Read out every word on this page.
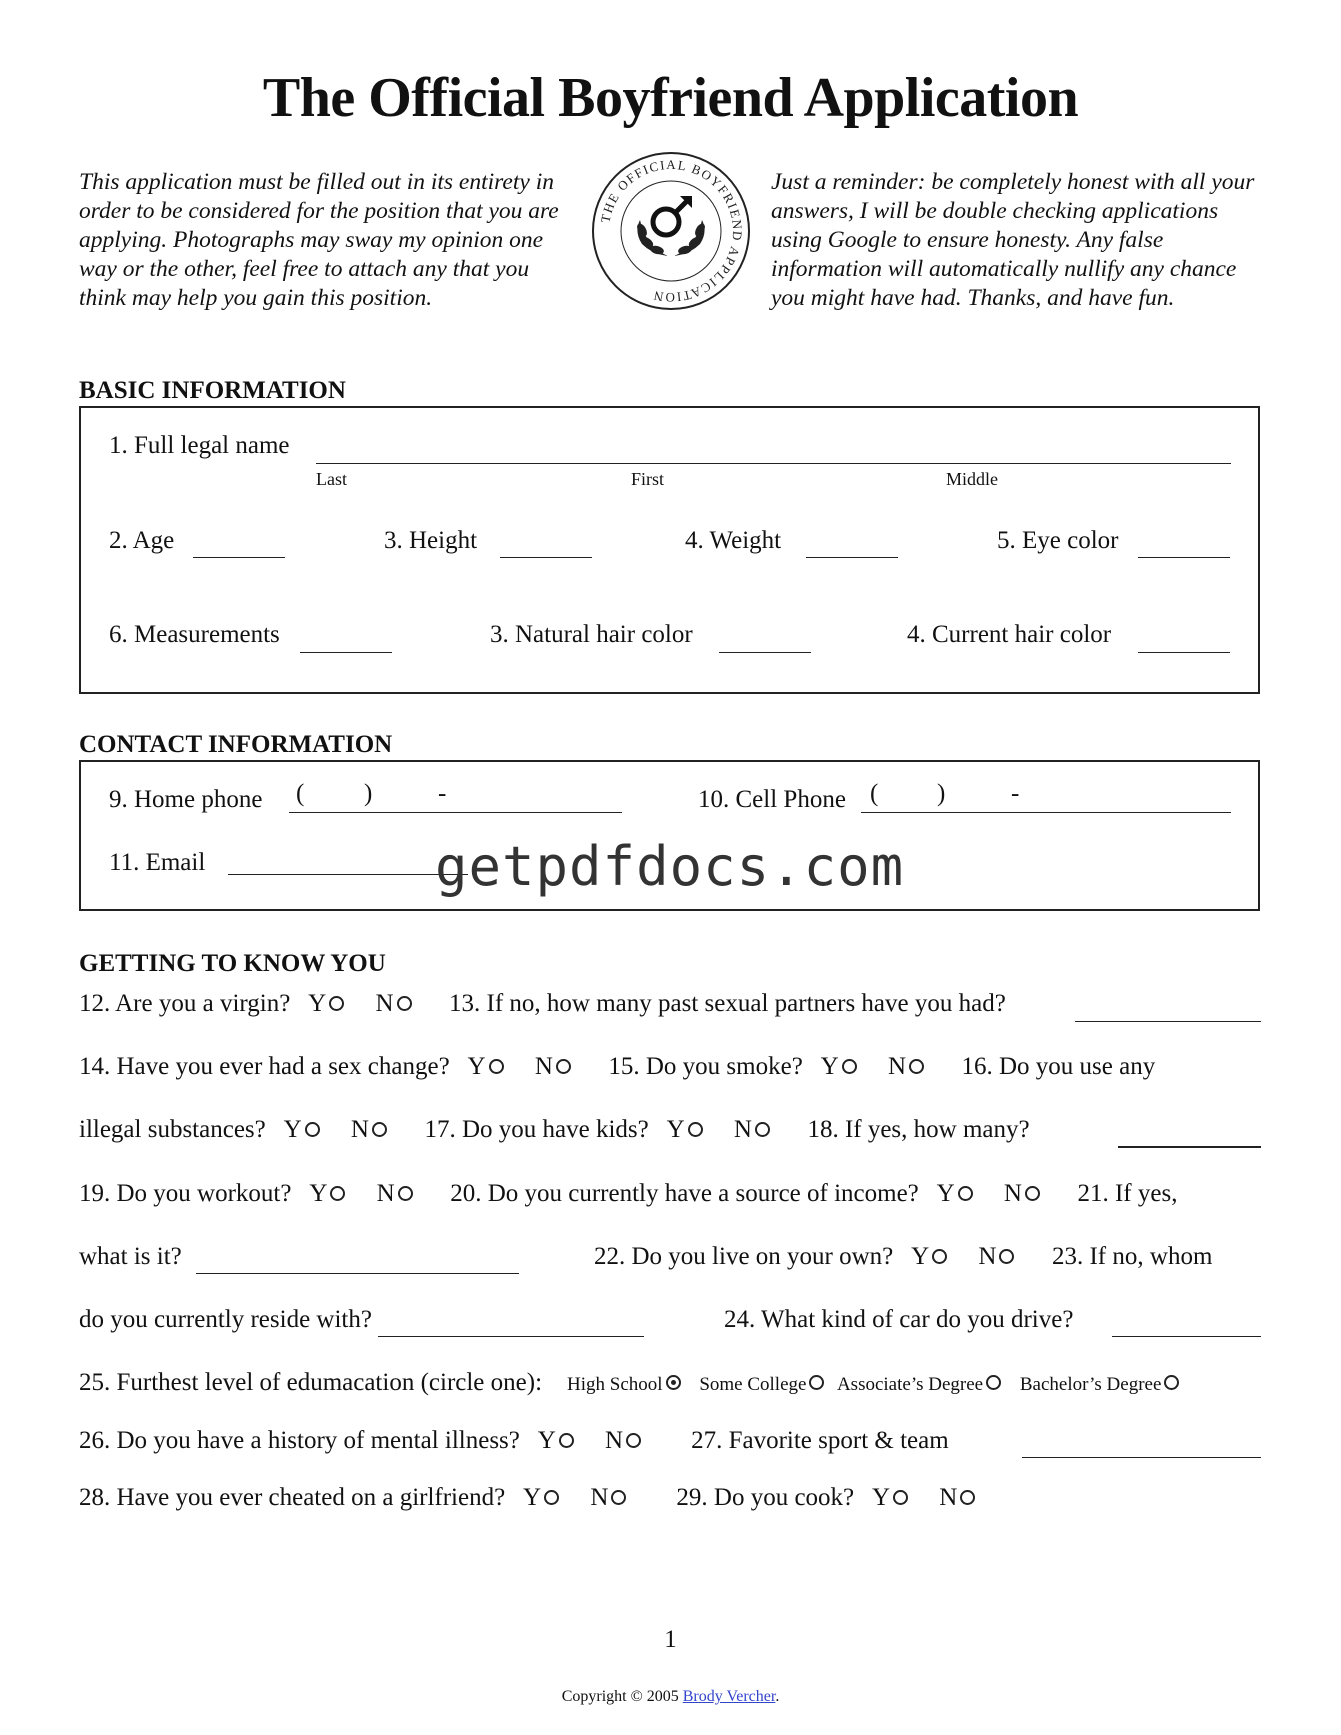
The Official Boyfriend Application
This application must be filled out in its entirety in order to be considered for the position that you are applying. Photographs may sway my opinion one way or the other, feel free to attach any that you think may help you gain this position.
Just a reminder: be completely honest with all your answers, I will be double checking applications using Google to ensure honesty. Any false information will automatically nullify any chance you might have had. Thanks, and have fun.
THE OFFICIAL BOYFRIEND APPLICATION
BASIC INFORMATION
1. Full legal name
Last	First	Middle
2. Age	3. Height	4. Weight	5. Eye color
6. Measurements	3. Natural hair color	4. Current hair color
CONTACT INFORMATION
9. Home phone ( )	-	10. Cell Phone ( )	-
11. Email	getpdfdocs.com
GETTING TO KNOW YOU
12. Are you a virgin? Y N 13. If no, how many past sexual partners have you had?
14. Have you ever had a sex change? Y N 15. Do you smoke? Y N 16. Do you use any
illegal substances? Y N 17. Do you have kids? Y N 18. If yes, how many?
19. Do you workout? Y N 20. Do you currently have a source of income? Y N 21. If yes,
what is it?	22. Do you live on your own? Y N 23. If no, whom
do you currently reside with?	24. What kind of car do you drive?
25. Furthest level of edumacation (circle one): High School Some College Associate’s Degree Bachelor’s Degree
26. Do you have a history of mental illness? Y N	27. Favorite sport & team
28. Have you ever cheated on a girlfriend? Y N	29. Do you cook? Y N
1
Copyright © 2005 Brody Vercher.
